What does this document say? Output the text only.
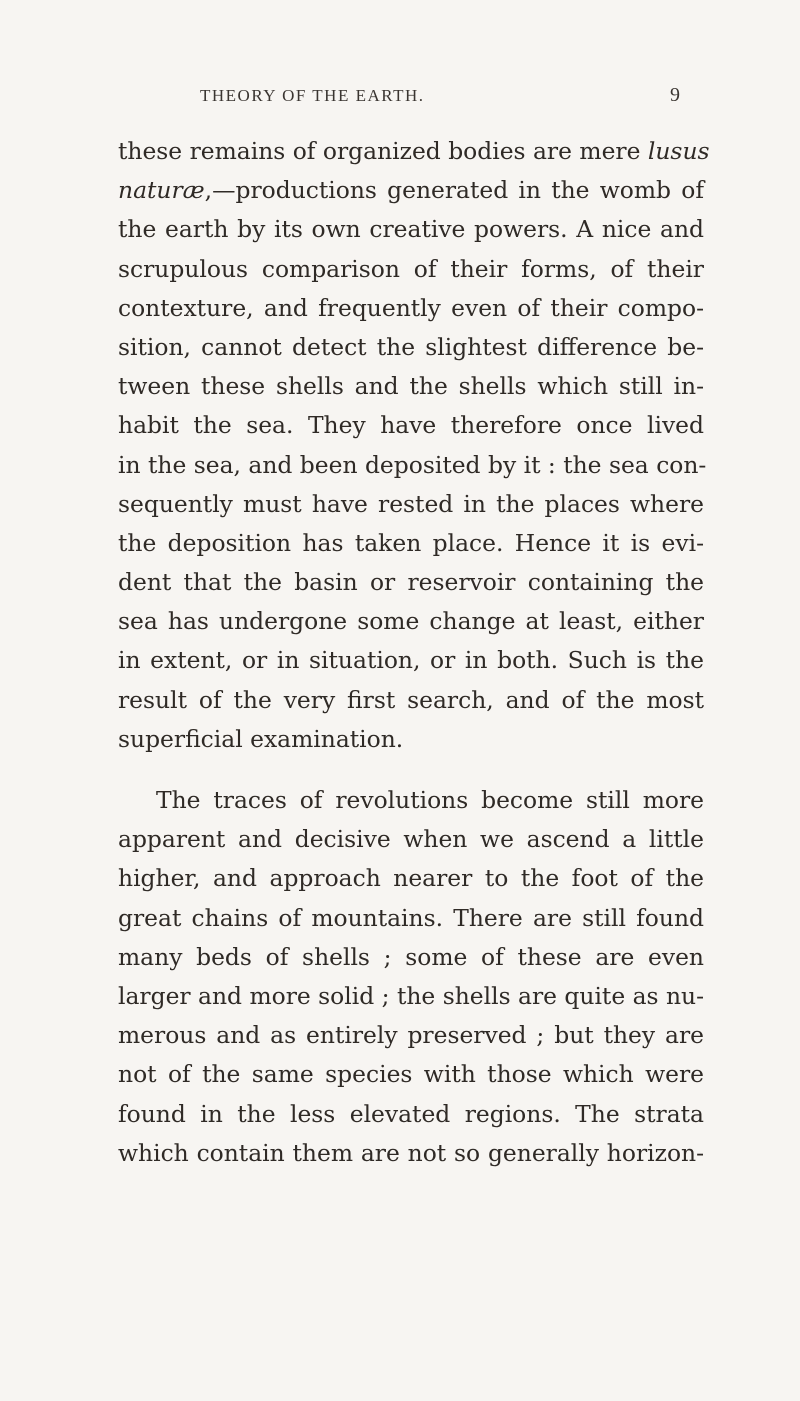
THEORY OF THE EARTH.	9
these remains of organized bodies are mere lusus
naturæ,—productions generated in the womb of
the earth by its own creative powers. A nice and
scrupulous comparison of their forms, of their
contexture, and frequently even of their compo-
sition, cannot detect the slightest difference be-
tween these shells and the shells which still in-
habit the sea. They have therefore once lived
in the sea, and been deposited by it : the sea con-
sequently must have rested in the places where
the deposition has taken place. Hence it is evi-
dent that the basin or reservoir containing the
sea has undergone some change at least, either
in extent, or in situation, or in both. Such is the
result of the very first search, and of the most
superficial examination.
The traces of revolutions become still more
apparent and decisive when we ascend a little
higher, and approach nearer to the foot of the
great chains of mountains. There are still found
many beds of shells ; some of these are even
larger and more solid ; the shells are quite as nu-
merous and as entirely preserved ; but they are
not of the same species with those which were
found in the less elevated regions. The strata
which contain them are not so generally horizon-
